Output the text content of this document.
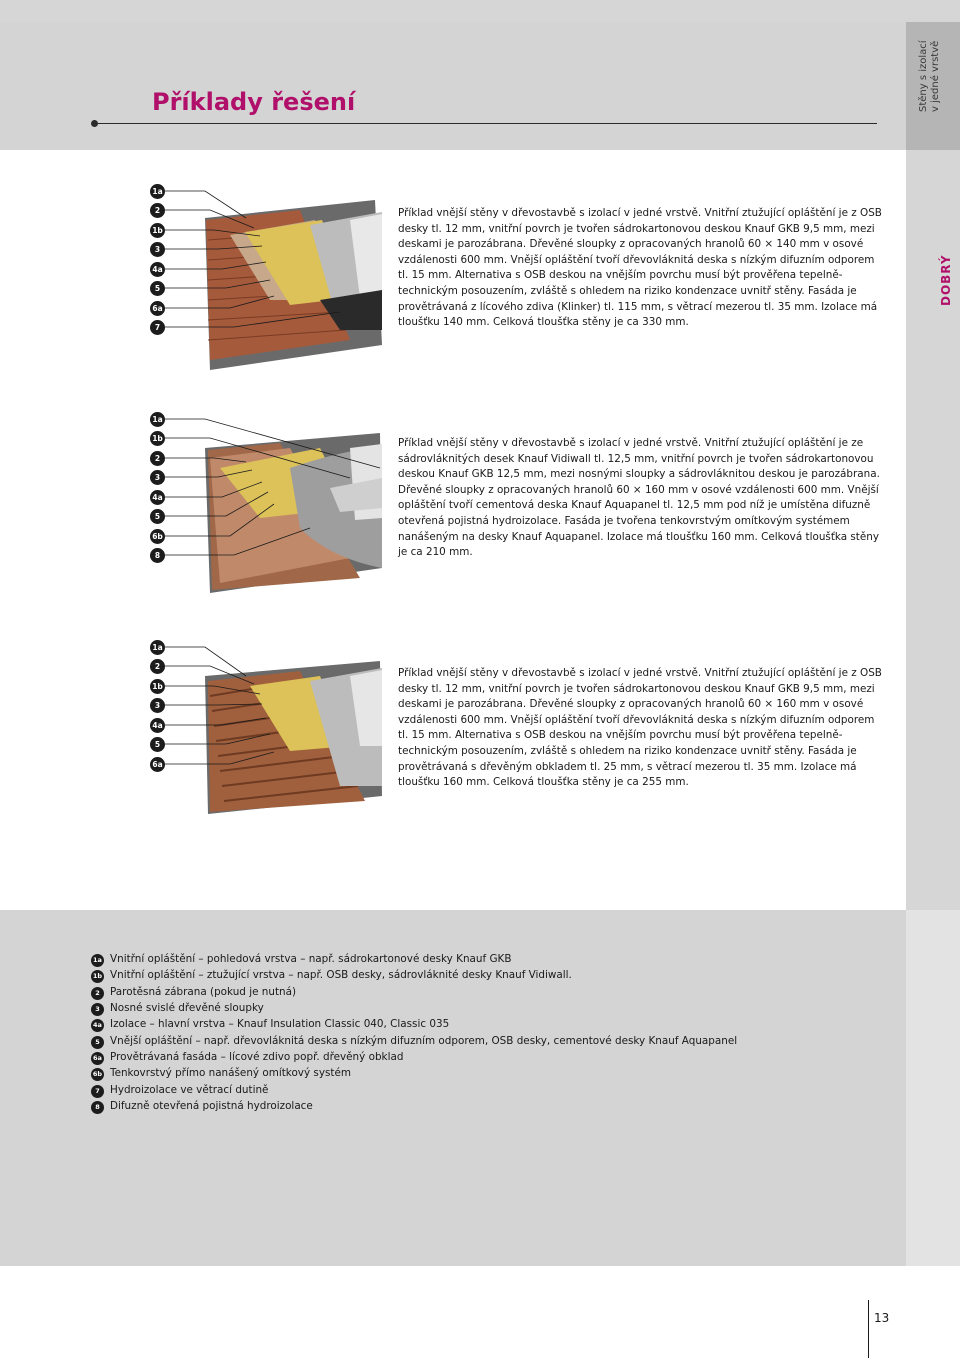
Příklady řešení	Stěny s izolací v jedné vrstvě
DOBRÝ
1a
2
1b
3
4a
5
6a
7
Příklad vnější stěny v dřevostavbě s izolací v jedné vrstvě. Vnitřní ztužující opláštění je z OSB desky tl. 12 mm, vnitřní povrch je tvořen sádrokartonovou deskou Knauf GKB 9,5 mm, mezi deskami je parozábrana. Dřevěné sloupky z opracovaných hranolů 60 × 140 mm v osové vzdálenosti 600 mm. Vnější opláštění tvoří dřevovláknitá deska s nízkým difuzním odporem tl. 15 mm. Alternativa s OSB deskou na vnějším povrchu musí být prověřena tepelně-technickým posouzením, zvláště s ohledem na riziko kondenzace uvnitř stěny. Fasáda je provětrávaná z lícového zdiva (Klinker) tl. 115 mm, s větrací mezerou tl. 35 mm. Izolace má tloušťku 140 mm. Celková tloušťka stěny je ca 330 mm.
1a
1b
2
3
4a
5
6b
8
Příklad vnější stěny v dřevostavbě s izolací v jedné vrstvě. Vnitřní ztužující opláštění je ze sádrovláknitých desek Knauf Vidiwall tl. 12,5 mm, vnitřní povrch je tvořen sádrokartonovou deskou Knauf GKB 12,5 mm, mezi nosnými sloupky a sádrovláknitou deskou je parozábrana. Dřevěné sloupky z opracovaných hranolů 60 × 160 mm v osové vzdálenosti 600 mm. Vnější opláštění tvoří cementová deska Knauf Aquapanel tl. 12,5 mm pod níž je umístěna difuzně otevřená pojistná hydroizolace. Fasáda je tvořena tenkovrstvým omítkovým systémem nanášeným na desky Knauf Aquapanel. Izolace má tloušťku 160 mm. Celková tloušťka stěny je ca 210 mm.
1a
2
1b
3
4a
5
6a
Příklad vnější stěny v dřevostavbě s izolací v jedné vrstvě. Vnitřní ztužující opláštění je z OSB desky tl. 12 mm, vnitřní povrch je tvořen sádrokartonovou deskou Knauf GKB 9,5 mm, mezi deskami je parozábrana. Dřevěné sloupky z opracovaných hranolů 60 × 160 mm v osové vzdálenosti 600 mm. Vnější opláštění tvoří dřevovláknitá deska s nízkým difuzním odporem tl. 15 mm. Alternativa s OSB deskou na vnějším povrchu musí být prověřena tepelně-technickým posouzením, zvláště s ohledem na riziko kondenzace uvnitř stěny. Fasáda je provětrávaná s dřevěným obkladem tl. 25 mm, s větrací mezerou tl. 35 mm. Izolace má tloušťku 160 mm. Celková tloušťka stěny je ca 255 mm.
1a Vnitřní opláštění – pohledová vrstva – např. sádrokartonové desky Knauf GKB
1b Vnitřní opláštění – ztužující vrstva – např. OSB desky, sádrovláknité desky Knauf Vidiwall.
2 Parotěsná zábrana (pokud je nutná)
3 Nosné svislé dřevěné sloupky
4a Izolace – hlavní vrstva – Knauf Insulation Classic 040, Classic 035
5 Vnější opláštění – např. dřevovláknitá deska s nízkým difuzním odporem, OSB desky, cementové desky Knauf Aquapanel
6a Provětrávaná fasáda – lícové zdivo popř. dřevěný obklad
6b Tenkovrstvý přímo nanášený omítkový systém
7 Hydroizolace ve větrací dutině
8 Difuzně otevřená pojistná hydroizolace
13
